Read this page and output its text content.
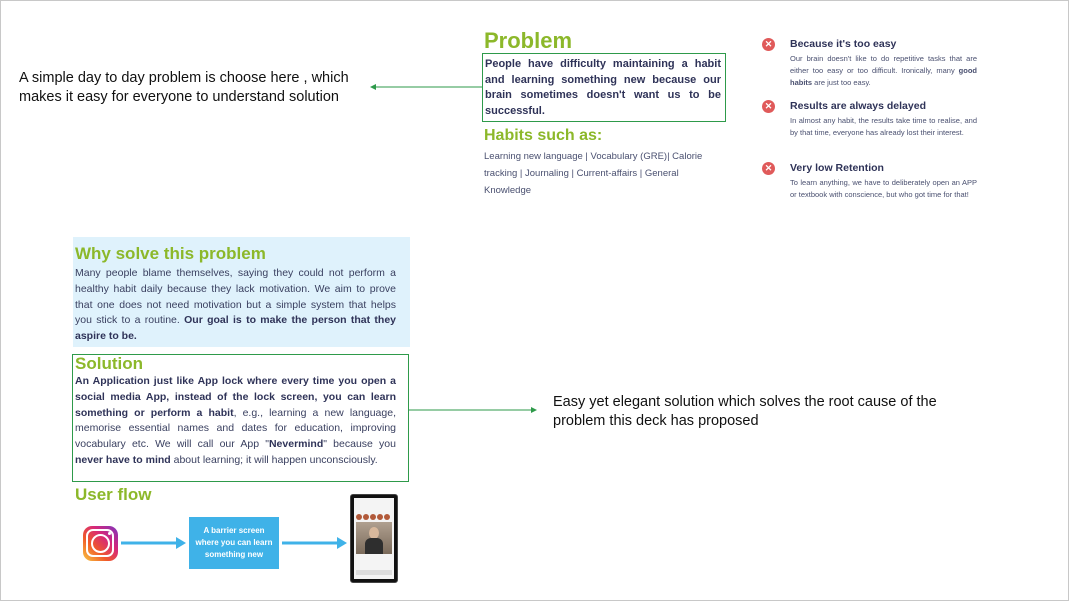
A simple day to day problem is choose here , which makes it easy for everyone to understand solution
Easy yet elegant solution which solves the root cause of the problem this deck has proposed
Problem
People have difficulty maintaining a habit and learning something new because our brain sometimes doesn't want us to be successful.
Habits such as:
Learning new language | Vocabulary (GRE)| Calorie tracking | Journaling | Current-affairs | General Knowledge
✕ Because it's too easy
Our brain doesn't like to do repetitive tasks that are either too easy or too difficult. Ironically, many good habits are just too easy.
✕ Results are always delayed
In almost any habit, the results take time to realise, and by that time, everyone has already lost their interest.
✕ Very low Retention
To learn anything, we have to deliberately open an APP or textbook with conscience, but who got time for that!
Why solve this problem
Many people blame themselves, saying they could not perform a healthy habit daily because they lack motivation. We aim to prove that one does not need motivation but a simple system that helps you stick to a routine. Our goal is to make the person that they aspire to be.
Solution
An Application just like App lock where every time you open a social media App, instead of the lock screen, you can learn something or perform a habit, e.g., learning a new language, memorise essential names and dates for education, improving vocabulary etc. We will call our App "Nevermind" because you never have to mind about learning; it will happen unconsciously.
User flow
A barrier screen where you can learn something new
